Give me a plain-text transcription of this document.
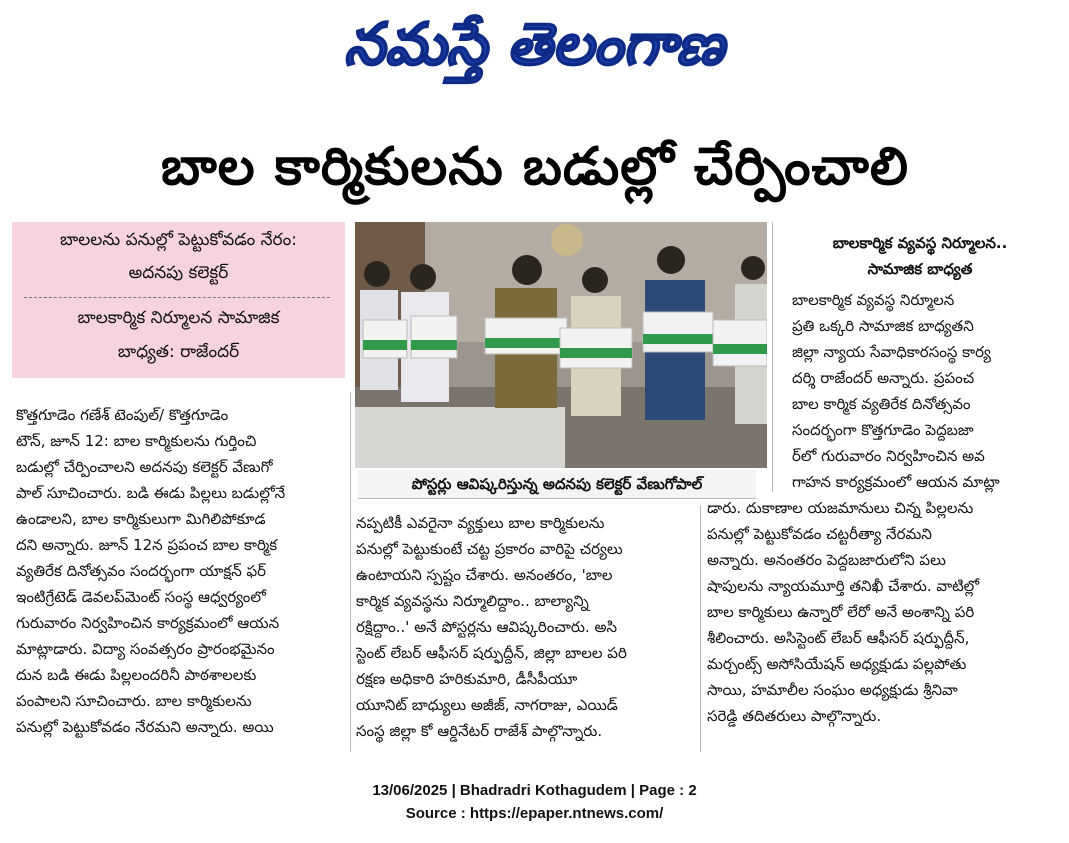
నమస్తే తెలంగాణ
బాల కార్మికులను బడుల్లో చేర్పించాలి
బాలలను పనుల్లో పెట్టుకోవడం నేరం:
అదనపు కలెక్టర్
బాలకార్మిక నిర్మూలన సామాజిక
బాధ్యత: రాజేందర్
కొత్తగూడెం గణేశ్ టెంపుల్/ కొత్తగూడెం
టౌన్, జూన్ 12: బాల కార్మికులను గుర్తించి
బడుల్లో చేర్పించాలని అదనపు కలెక్టర్ వేణుగో
పాల్ సూచించారు. బడి ఈడు పిల్లలు బడుల్లోనే
ఉండాలని, బాల కార్మికులుగా మిగిలిపోకూడ
దని అన్నారు. జూన్ 12న ప్రపంచ బాల కార్మిక
వ్యతిరేక దినోత్సవం సందర్భంగా యాక్షన్ ఫర్
ఇంటిగ్రేటెడ్ డెవలప్‌మెంట్ సంస్థ ఆధ్వర్యంలో
గురువారం నిర్వహించిన కార్యక్రమంలో ఆయన
మాట్లాడారు. విద్యా సంవత్సరం ప్రారంభమైనం
దున బడి ఈడు పిల్లలందరినీ పాఠశాలలకు
పంపాలని సూచించారు. బాల కార్మికులను
పనుల్లో పెట్టుకోవడం నేరమని అన్నారు. అయి
పోస్టర్లు ఆవిష్కరిస్తున్న అదనపు కలెక్టర్ వేణుగోపాల్
నప్పటికీ ఎవరైనా వ్యక్తులు బాల కార్మికులను
పనుల్లో పెట్టుకుంటే చట్ట ప్రకారం వారిపై చర్యలు
ఉంటాయని స్పష్టం చేశారు. అనంతరం, 'బాల
కార్మిక వ్యవస్థను నిర్మూలిద్దాం.. బాల్యాన్ని
రక్షిద్దాం..' అనే పోస్టర్లను ఆవిష్కరించారు. అసి
స్టెంట్ లేబర్ ఆఫీసర్ షర్ఫుద్దీన్, జిల్లా బాలల పరి
రక్షణ అధికారి హరికుమారి, డీసీపీయూ
యూనిట్ బాధ్యులు అజీజ్, నాగరాజు, ఎయిడ్
సంస్థ జిల్లా కో ఆర్డినేటర్ రాజేశ్ పాల్గొన్నారు.
బాలకార్మిక వ్యవస్థ నిర్మూలన..
సామాజిక బాధ్యత
బాలకార్మిక వ్యవస్థ నిర్మూలన
ప్రతి ఒక్కరి సామాజిక బాధ్యతని
జిల్లా న్యాయ సేవాధికారసంస్థ కార్య
దర్శి రాజేందర్ అన్నారు. ప్రపంచ
బాల కార్మిక వ్యతిరేక దినోత్సవం
సందర్భంగా కొత్తగూడెం పెద్దబజా
ర్‌లో గురువారం నిర్వహించిన అవ
గాహన కార్యక్రమంలో ఆయన మాట్లా
డారు. దుకాణాల యజమానులు చిన్న పిల్లలను
పనుల్లో పెట్టుకోవడం చట్టరీత్యా నేరమని
అన్నారు. అనంతరం పెద్దబజారులోని పలు
షాపులను న్యాయమూర్తి తనిఖీ చేశారు. వాటిల్లో
బాల కార్మికులు ఉన్నారో లేరో అనే అంశాన్ని పరి
శీలించారు. అసిస్టెంట్ లేబర్ ఆఫీసర్ షర్ఫుద్దీన్,
మర్చంట్స్ అసోసియేషన్ అధ్యక్షుడు పల్లపోతు
సాయి, హమాలీల సంఘం అధ్యక్షుడు శ్రీనివా
సరెడ్డి తదితరులు పాల్గొన్నారు.
13/06/2025 | Bhadradri Kothagudem | Page : 2
Source : https://epaper.ntnews.com/
